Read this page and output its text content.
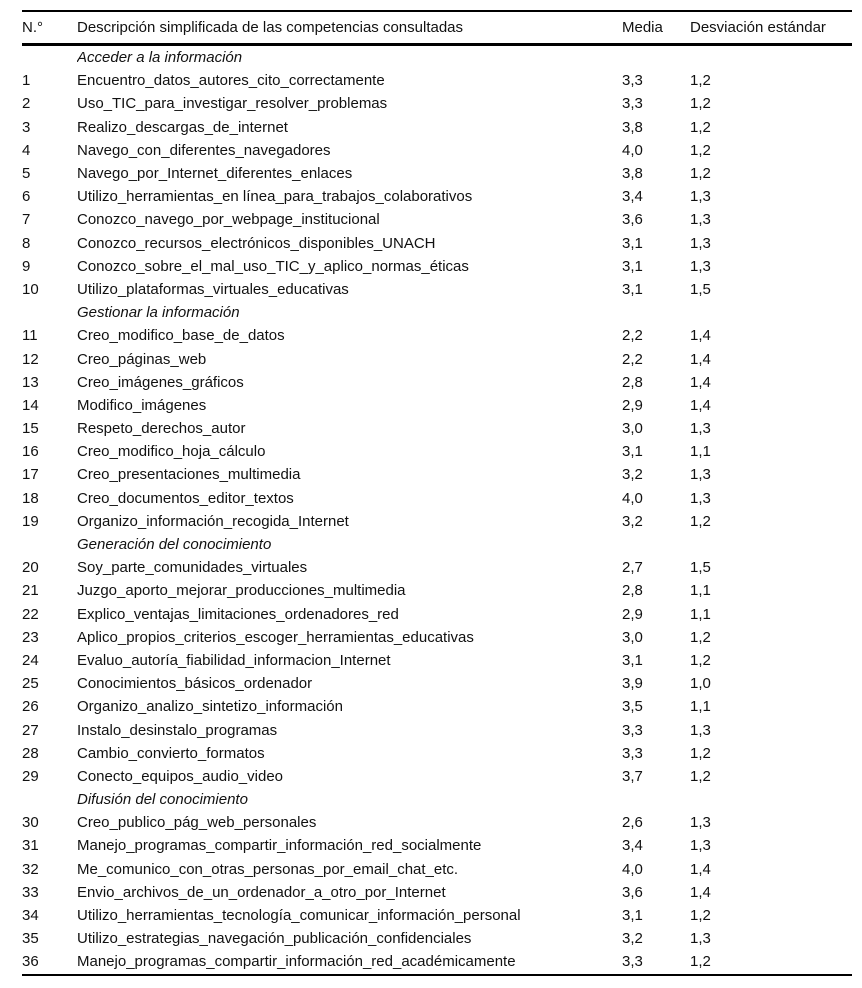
N.°	Descripción simplificada de las competencias consultadas	Media	Desviación estándar
	Acceder a la información		
1	Encuentro_datos_autores_cito_correctamente	3,3	1,2
2	Uso_TIC_para_investigar_resolver_problemas	3,3	1,2
3	Realizo_descargas_de_internet	3,8	1,2
4	Navego_con_diferentes_navegadores	4,0	1,2
5	Navego_por_Internet_diferentes_enlaces	3,8	1,2
6	Utilizo_herramientas_en línea_para_trabajos_colaborativos	3,4	1,3
7	Conozco_navego_por_webpage_institucional	3,6	1,3
8	Conozco_recursos_electrónicos_disponibles_UNACH	3,1	1,3
9	Conozco_sobre_el_mal_uso_TIC_y_aplico_normas_éticas	3,1	1,3
10	Utilizo_plataformas_virtuales_educativas	3,1	1,5
	Gestionar la información		
11	Creo_modifico_base_de_datos	2,2	1,4
12	Creo_páginas_web	2,2	1,4
13	Creo_imágenes_gráficos	2,8	1,4
14	Modifico_imágenes	2,9	1,4
15	Respeto_derechos_autor	3,0	1,3
16	Creo_modifico_hoja_cálculo	3,1	1,1
17	Creo_presentaciones_multimedia	3,2	1,3
18	Creo_documentos_editor_textos	4,0	1,3
19	Organizo_información_recogida_Internet	3,2	1,2
	Generación del conocimiento		
20	Soy_parte_comunidades_virtuales	2,7	1,5
21	Juzgo_aporto_mejorar_producciones_multimedia	2,8	1,1
22	Explico_ventajas_limitaciones_ordenadores_red	2,9	1,1
23	Aplico_propios_criterios_escoger_herramientas_educativas	3,0	1,2
24	Evaluo_autoría_fiabilidad_informacion_Internet	3,1	1,2
25	Conocimientos_básicos_ordenador	3,9	1,0
26	Organizo_analizo_sintetizo_información	3,5	1,1
27	Instalo_desinstalo_programas	3,3	1,3
28	Cambio_convierto_formatos	3,3	1,2
29	Conecto_equipos_audio_video	3,7	1,2
	Difusión del conocimiento		
30	Creo_publico_pág_web_personales	2,6	1,3
31	Manejo_programas_compartir_información_red_socialmente	3,4	1,3
32	Me_comunico_con_otras_personas_por_email_chat_etc.	4,0	1,4
33	Envio_archivos_de_un_ordenador_a_otro_por_Internet	3,6	1,4
34	Utilizo_herramientas_tecnología_comunicar_información_personal	3,1	1,2
35	Utilizo_estrategias_navegación_publicación_confidenciales	3,2	1,3
36	Manejo_programas_compartir_información_red_académicamente	3,3	1,2
